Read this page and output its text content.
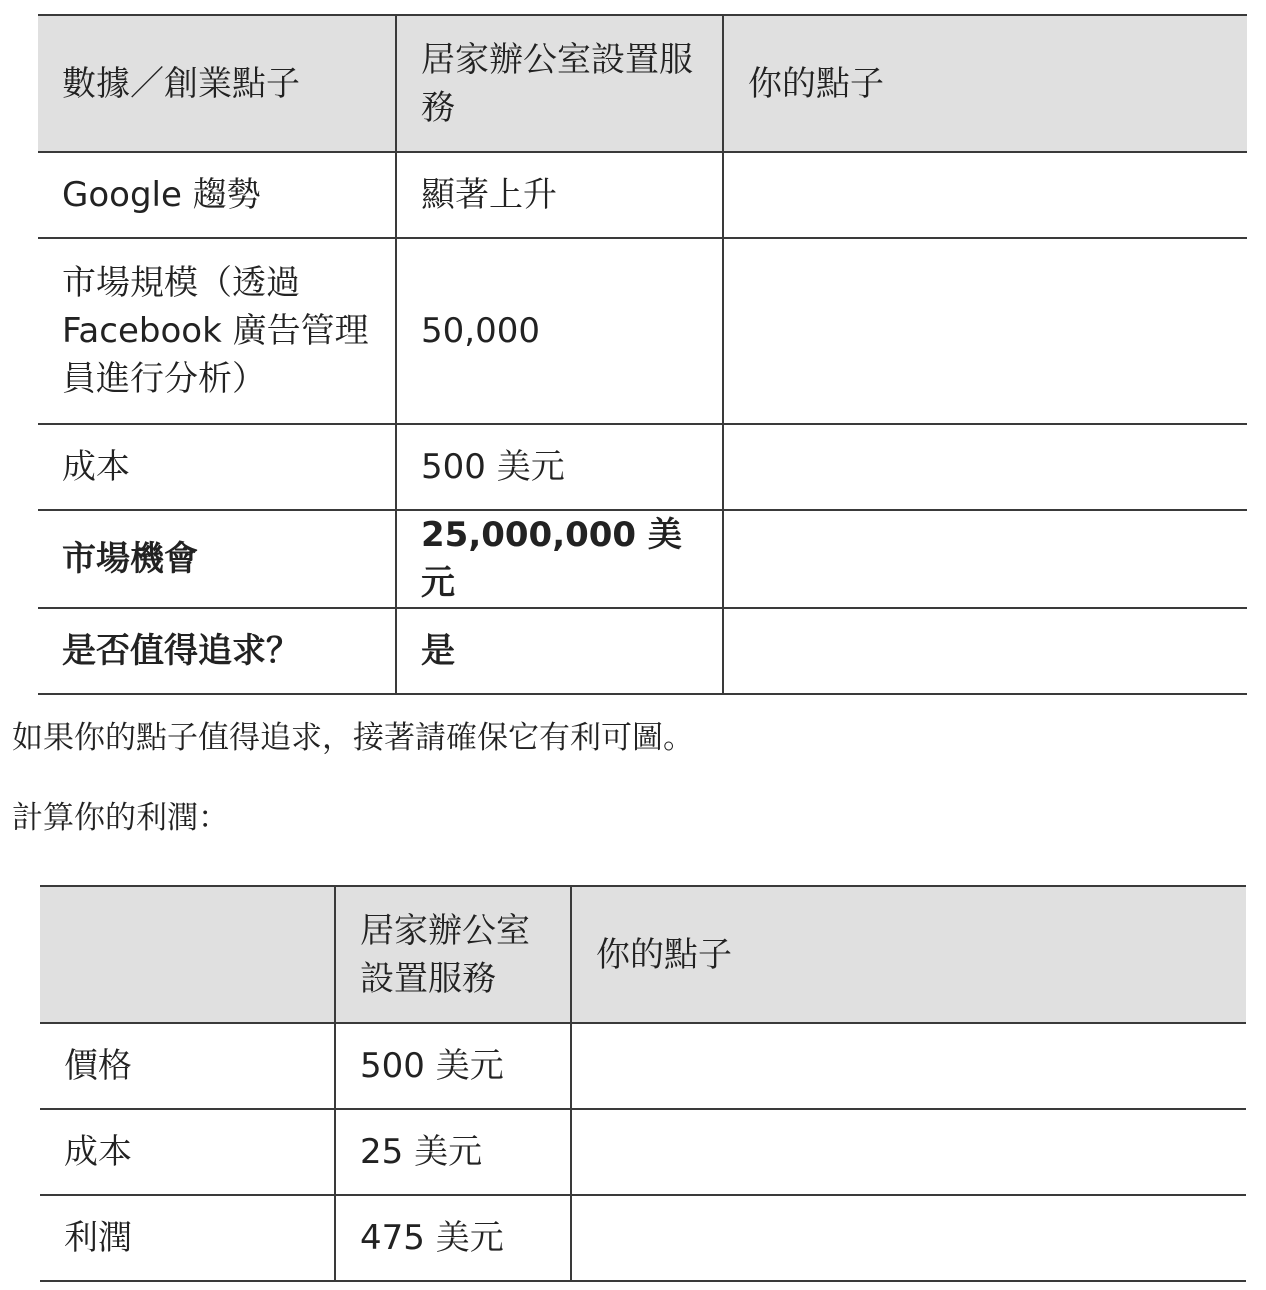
數據／創業點子	居家辦公室設置服務	你的點子
Google 趨勢	顯著上升	
市場規模（透過 Facebook 廣告管理員進行分析）	50,000	
成本	500 美元	
市場機會	25,000,000 美元	
是否值得追求？	是	

如果你的點子值得追求，接著請確保它有利可圖。

計算你的利潤：

	居家辦公室設置服務	你的點子
價格	500 美元	
成本	25 美元	
利潤	475 美元	
